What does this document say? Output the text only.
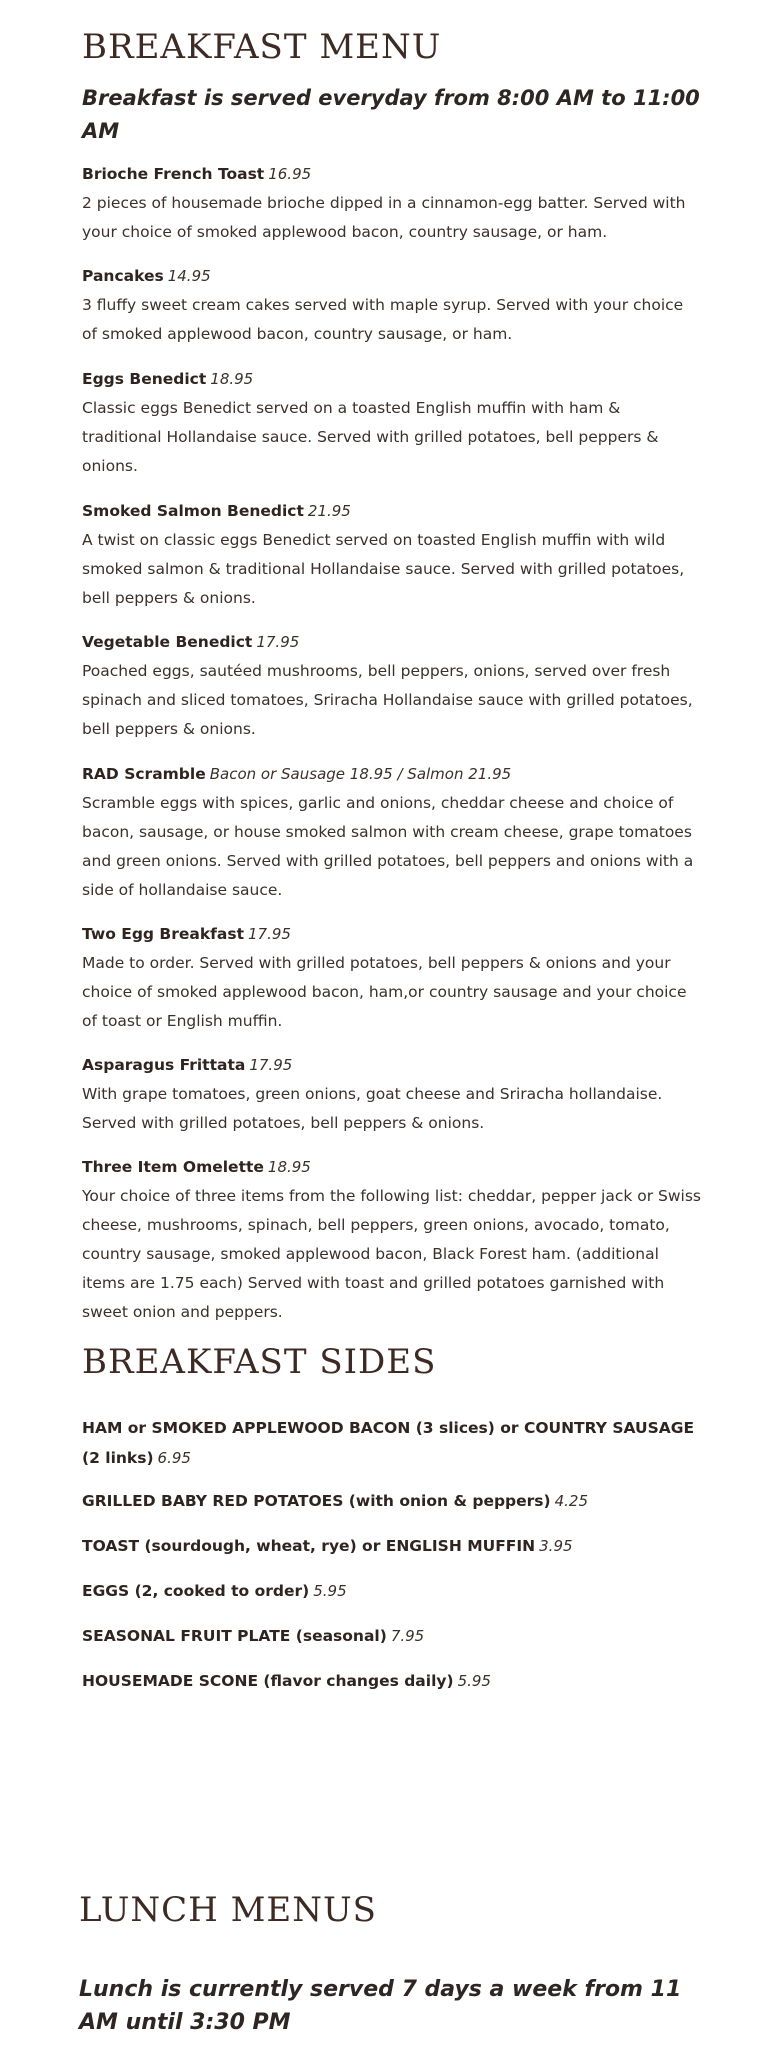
BREAKFAST MENU

Breakfast is served everyday from 8:00 AM to 11:00 AM

Brioche French Toast 16.95

2 pieces of housemade brioche dipped in a cinnamon-egg batter. Served with your choice of smoked applewood bacon, country sausage, or ham.

Pancakes 14.95

3 fluffy sweet cream cakes served with maple syrup. Served with your choice of smoked applewood bacon, country sausage, or ham.

Eggs Benedict 18.95

Classic eggs Benedict served on a toasted English muffin with ham & traditional Hollandaise sauce. Served with grilled potatoes, bell peppers & onions.

Smoked Salmon Benedict 21.95

A twist on classic eggs Benedict served on toasted English muffin with wild smoked salmon & traditional Hollandaise sauce. Served with grilled potatoes, bell peppers & onions.

Vegetable Benedict 17.95

Poached eggs, sautéed mushrooms, bell peppers, onions, served over fresh spinach and sliced tomatoes, Sriracha Hollandaise sauce with grilled potatoes, bell peppers & onions.

RAD Scramble Bacon or Sausage 18.95 / Salmon 21.95

Scramble eggs with spices, garlic and onions, cheddar cheese and choice of bacon, sausage, or house smoked salmon with cream cheese, grape tomatoes and green onions. Served with grilled potatoes, bell peppers and onions with a side of hollandaise sauce.

Two Egg Breakfast 17.95

Made to order. Served with grilled potatoes, bell peppers & onions and your choice of smoked applewood bacon, ham,or country sausage and your choice of toast or English muffin.

Asparagus Frittata 17.95

With grape tomatoes, green onions, goat cheese and Sriracha hollandaise. Served with grilled potatoes, bell peppers & onions.

Three Item Omelette 18.95

Your choice of three items from the following list: cheddar, pepper jack or Swiss cheese, mushrooms, spinach, bell peppers, green onions, avocado, tomato, country sausage, smoked applewood bacon, Black Forest ham. (additional items are 1.75 each) Served with toast and grilled potatoes garnished with sweet onion and peppers.

BREAKFAST SIDES

HAM or SMOKED APPLEWOOD BACON (3 slices) or COUNTRY SAUSAGE (2 links) 6.95

GRILLED BABY RED POTATOES (with onion & peppers) 4.25

TOAST (sourdough, wheat, rye) or ENGLISH MUFFIN 3.95

EGGS (2, cooked to order) 5.95

SEASONAL FRUIT PLATE (seasonal) 7.95

HOUSEMADE SCONE (flavor changes daily) 5.95

LUNCH MENUS

Lunch is currently served 7 days a week from 11 AM until 3:30 PM
